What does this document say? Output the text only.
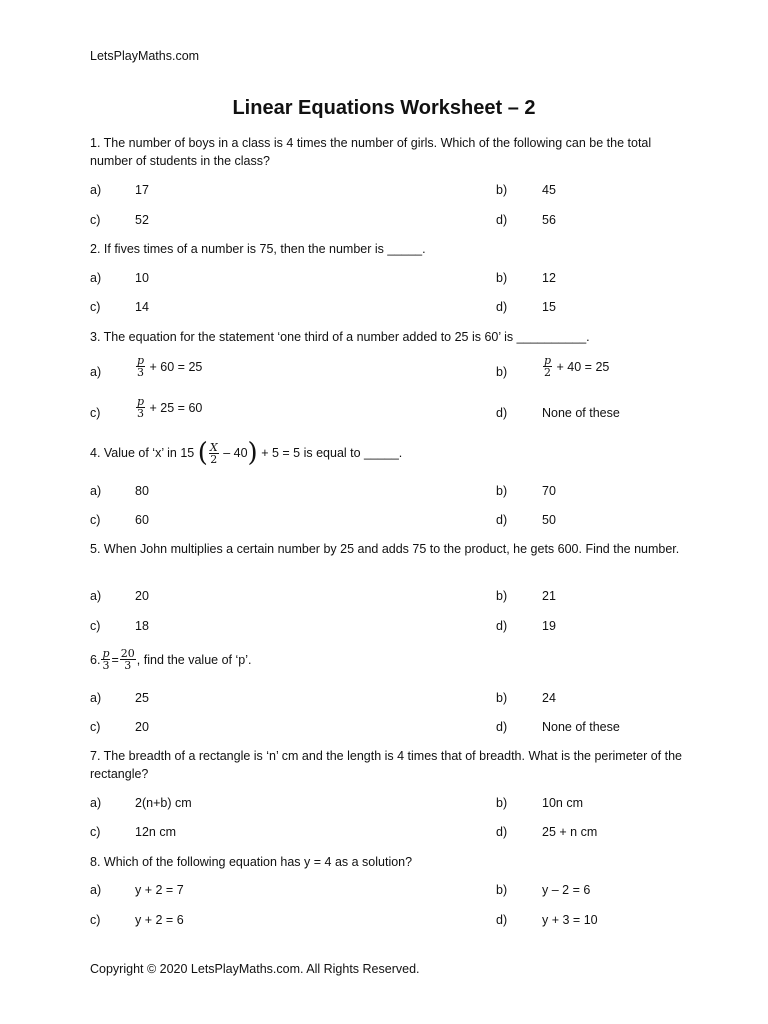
LetsPlayMaths.com
Linear Equations Worksheet – 2
1. The number of boys in a class is 4 times the number of girls. Which of the following can be the total number of students in the class?
a)	17	b)	45
c)	52	d)	56
2. If fives times of a number is 75, then the number is _____.
a)	10	b)	12
c)	14	d)	15
3. The equation for the statement ‘one third of a number added to 25 is 60’ is __________.
a)	$\frac{p}{3} + 60 = 25$	b)	$\frac{p}{2} + 40 = 25$
c)	$\frac{p}{3} + 25 = 60$	d)	None of these
4. Value of ‘x’ in 15 ( $\frac{X}{2} - 40) + 5 = 5$ is equal to _____.
a)	80	b)	70
c)	60	d)	50
5. When John multiplies a certain number by 25 and adds 75 to the product, he gets 600. Find the number.
a)	20	b)	21
c)	18	d)	19
6. $\frac{p}{3} = \frac{20}{3}$ , find the value of ‘p’.
a)	25	b)	24
c)	20	d)	None of these
7. The breadth of a rectangle is ‘n’ cm and the length is 4 times that of breadth. What is the perimeter of the rectangle?
a)	2(n+b) cm	b)	10n cm
c)	12n cm	d)	25 + n cm
8. Which of the following equation has y = 4 as a solution?
a)	y + 2 = 7	b)	y – 2 = 6
c)	y + 2 = 6	d)	y + 3 = 10
Copyright © 2020 LetsPlayMaths.com. All Rights Reserved.
